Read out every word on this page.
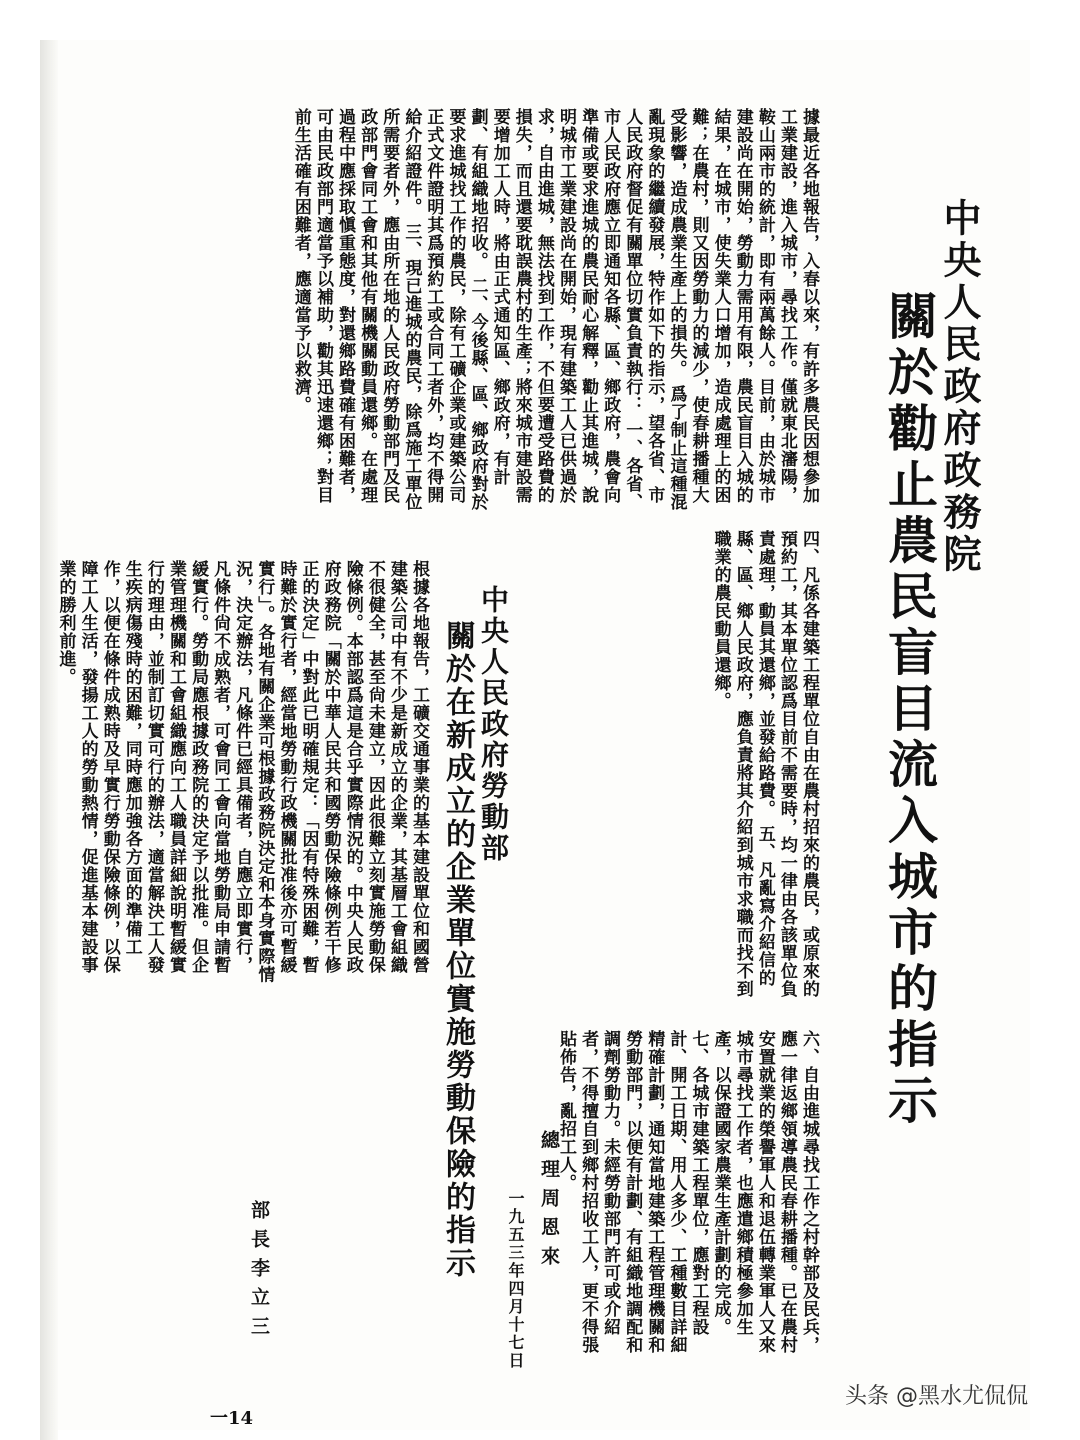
中央人民政府政務院
關於勸止農民盲目流入城市的指示
據最近各地報告，入春以來，有許多農民因想參加工業建設，進入城市，尋找工作。僅就東北瀋陽，鞍山兩市的統計，即有兩萬餘人。目前，由於城市建設尚在開始，勞動力需用有限，農民盲目入城的結果，在城市，使失業人口增加，造成處理上的困難；在農村，則又因勞動力的減少，使春耕播種大受影響，造成農業生產上的損失。 爲了制止這種混亂現象的繼續發展，特作如下的指示，望各省、市人民政府督促有關單位切實負責執行： 一、各省、市人民政府應立即通知各縣、區、鄉政府，農會向準備或要求進城的農民耐心解釋，勸止其進城，說明城市工業建設尚在開始，現有建築工人已供過於求，自由進城，無法找到工作，不但要遭受路費的損失，而且還要耽誤農村的生產；將來城市建設需要增加工人時，將由正式通知區、鄉政府，有計劃、有組織地招收。 二、今後縣、區、鄉政府對於要求進城找工作的農民，除有工礦企業或建築公司正式文件證明其爲預約工或合同工者外，均不得開給介紹證件。 三、現已進城的農民，除爲施工單位所需要者外，應由所在地的人民政府勞動部門及民政部門會同工會和其他有關機關動員還鄉。在處理過程中應採取愼重態度，對還鄉路費確有困難者，可由民政部門適當予以補助，勸其迅速還鄉；對目前生活確有困難者，應適當予以救濟。
四、凡係各建築工程單位自由在農村招來的農民，或原來的預約工，其本單位認爲目前不需要時，均一律由各該單位負責處理，動員其還鄉，並發給路費。 五、凡亂寫介紹信的縣、區、鄉人民政府，應負責將其介紹到城市求職而找不到職業的農民動員還鄉。
六、自由進城尋找工作之村幹部及民兵，應一律返鄉領導農民春耕播種。已在農村安置就業的榮譽軍人和退伍轉業軍人又來城市尋找工作者，也應遣鄉積極參加生產，以保證國家農業生產計劃的完成。 七、各城市建築工程單位，應對工程設計、開工日期、用人多少、工種數目詳細精確計劃，通知當地建築工程管理機關和勞動部門，以便有計劃、有組織地調配和調劑勞動力。未經勞動部門許可或介紹者，不得擅自到鄉村招收工人，更不得張貼佈告，亂招工人。
總理周恩來
一九五三年四月十七日
中央人民政府勞動部
關於在新成立的企業單位實施勞動保險的指示
根據各地報告，工礦交通事業的基本建設單位和國營建築公司中有不少是新成立的企業，其基層工會組織不很健全，甚至尙未建立，因此很難立刻實施勞動保險條例。本部認爲這是合乎實際情況的。中央人民政府政務院「關於中華人民共和國勞動保險條例若干修正的決定」中對此已明確規定：「因有特殊困難，暫時難於實行者，經當地勞動行政機關批准後亦可暫緩實行」。各地有關企業可根據政務院決定和本身實際情況，決定辦法，凡條件已經具備者，自應立即實行，凡條件尙不成熟者，可會同工會向當地勞動局申請暫緩實行。勞動局應根據政務院的決定予以批准。但企業管理機關和工會組織應向工人職員詳細說明暫緩實行的理由，並制訂切實可行的辦法，適當解決工人發生疾病傷殘時的困難，同時應加強各方面的準備工作，以便在條件成熟時及早實行勞動保險條例，以保障工人生活，發揚工人的勞動熱情，促進基本建設事業的勝利前進。
部長李立三
一14
头条 @黑水尤侃侃
